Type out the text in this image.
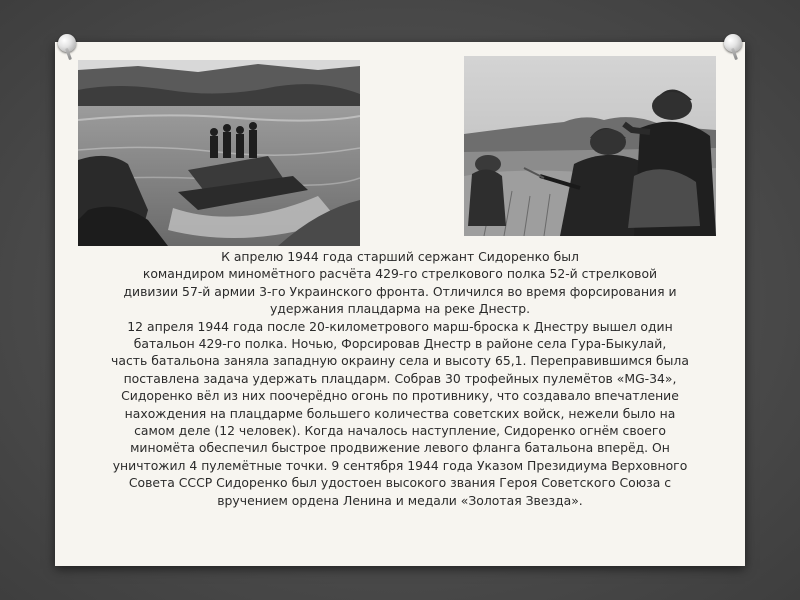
К апрелю 1944 года старший сержант Сидоренко был

командиром миномётного расчёта 429-го стрелкового полка 52-й стрелковой

дивизии 57-й армии 3-го Украинского фронта. Отличился во время форсирования и

удержания плацдарма на реке Днестр.

12 апреля 1944 года после 20-километрового марш-броска к Днестру вышел один

батальон 429-го полка. Ночью, Форсировав Днестр в районе села Гура-Быкулай,

часть батальона заняла западную окраину села и высоту 65,1. Переправившимся была

поставлена задача удержать плацдарм. Собрав 30 трофейных пулемётов «MG-34»,

Сидоренко вёл из них поочерёдно огонь по противнику, что создавало впечатление

нахождения на плацдарме большего количества советских войск, нежели было на

самом деле (12 человек). Когда началось наступление, Сидоренко огнём своего

миномёта обеспечил быстрое продвижение левого фланга батальона вперёд. Он

уничтожил 4 пулемётные точки. 9 сентября 1944 года Указом Президиума Верховного

Совета СССР Сидоренко был удостоен высокого звания Героя Советского Союза с

вручением ордена Ленина и медали «Золотая Звезда».
